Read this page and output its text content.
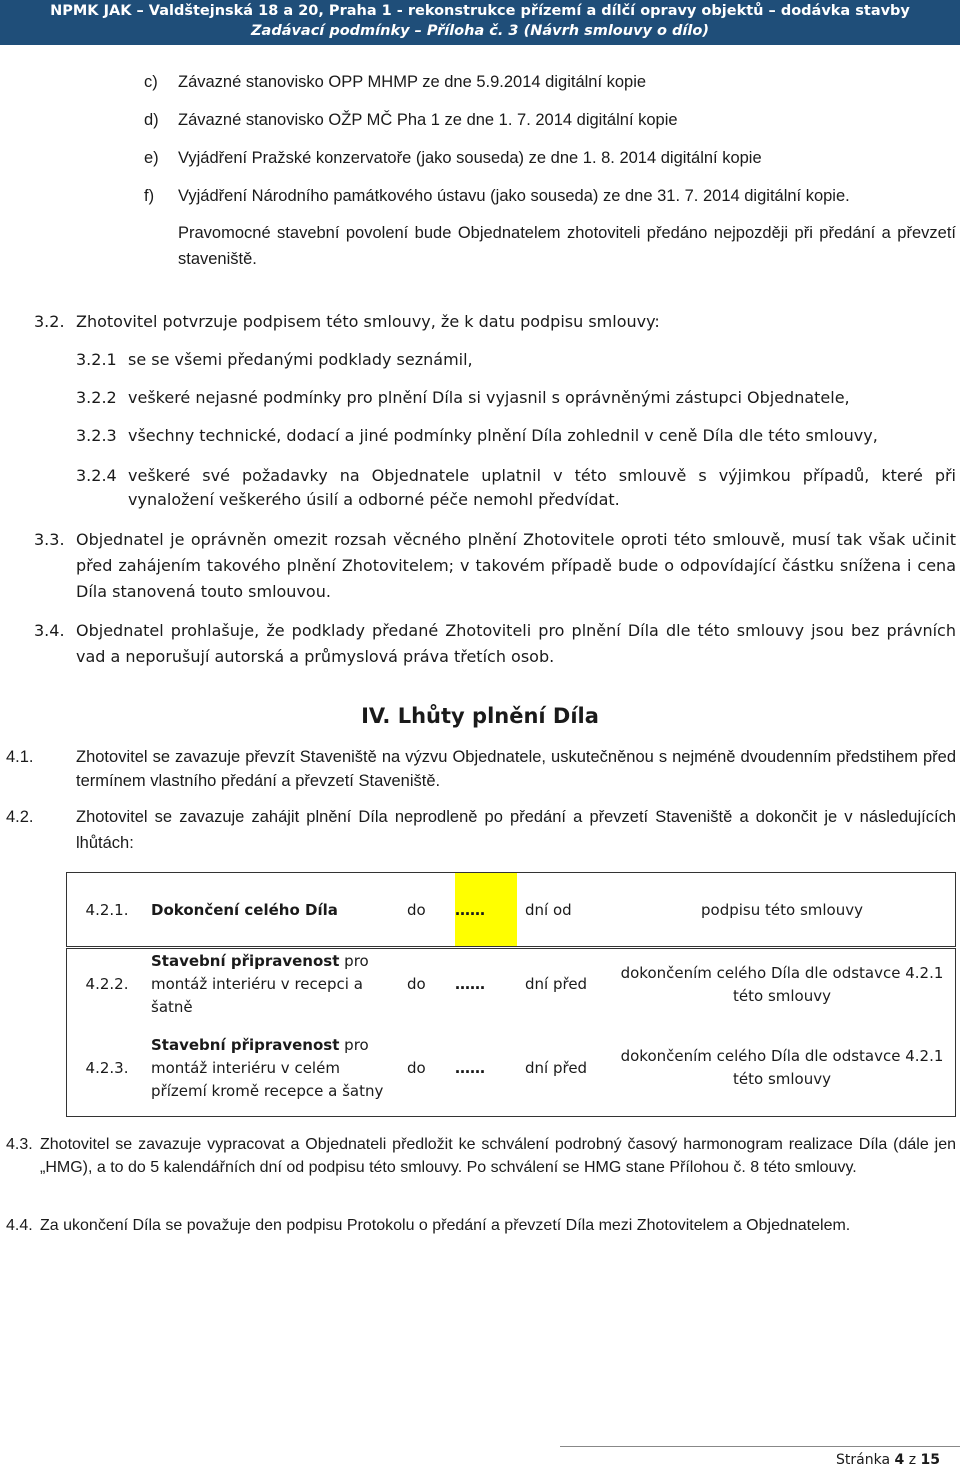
NPMK JAK – Valdštejnská 18 a 20, Praha 1 - rekonstrukce přízemí a dílčí opravy objektů – dodávka stavby
Zadávací podmínky – Příloha č. 3 (Návrh smlouvy o dílo)
c) Závazné stanovisko OPP MHMP ze dne 5.9.2014 digitální kopie
d) Závazné stanovisko OŽP MČ Pha 1 ze dne 1. 7. 2014 digitální kopie
e) Vyjádření Pražské konzervatoře (jako souseda) ze dne 1. 8. 2014 digitální kopie
f) Vyjádření Národního památkového ústavu (jako souseda) ze dne 31. 7. 2014 digitální kopie.
Pravomocné stavební povolení bude Objednatelem zhotoviteli předáno nejpozději při předání a převzetí staveniště.
3.2. Zhotovitel potvrzuje podpisem této smlouvy, že k datu podpisu smlouvy:
3.2.1 se se všemi předanými podklady seznámil,
3.2.2 veškeré nejasné podmínky pro plnění Díla si vyjasnil s oprávněnými zástupci Objednatele,
3.2.3 všechny technické, dodací a jiné podmínky plnění Díla zohlednil v ceně Díla dle této smlouvy,
3.2.4 veškeré své požadavky na Objednatele uplatnil v této smlouvě s výjimkou případů, které při vynaložení veškerého úsilí a odborné péče nemohl předvídat.
3.3. Objednatel je oprávněn omezit rozsah věcného plnění Zhotovitele oproti této smlouvě, musí tak však učinit před zahájením takového plnění Zhotovitelem; v takovém případě bude o odpovídající částku snížena i cena Díla stanovená touto smlouvou.
3.4. Objednatel prohlašuje, že podklady předané Zhotoviteli pro plnění Díla dle této smlouvy jsou bez právních vad a neporušují autorská a průmyslová práva třetích osob.
IV. Lhůty plnění Díla
4.1.	Zhotovitel se zavazuje převzít Staveniště na výzvu Objednatele, uskutečněnou s nejméně dvoudenním předstihem před termínem vlastního předání a převzetí Staveniště.
4.2.	Zhotovitel se zavazuje zahájit plnění Díla neprodleně po předání a převzetí Staveniště a dokončit je v následujících lhůtách:
4.2.1.	Dokončení celého Díla	do	……	dní od	podpisu této smlouvy
4.2.2.	Stavební připravenost pro montáž interiéru v recepci a šatně	do	……	dní před	dokončením celého Díla dle odstavce 4.2.1 této smlouvy
4.2.3.	Stavební připravenost pro montáž interiéru v celém přízemí kromě recepce a šatny	do	……	dní před	dokončením celého Díla dle odstavce 4.2.1 této smlouvy
4.3. Zhotovitel se zavazuje vypracovat a Objednateli předložit ke schválení podrobný časový harmonogram realizace Díla (dále jen „HMG), a to do 5 kalendářních dní od podpisu této smlouvy. Po schválení se HMG stane Přílohou č. 8 této smlouvy.
4.4. Za ukončení Díla se považuje den podpisu Protokolu o předání a převzetí Díla mezi Zhotovitelem a Objednatelem.
Stránka 4 z 15
